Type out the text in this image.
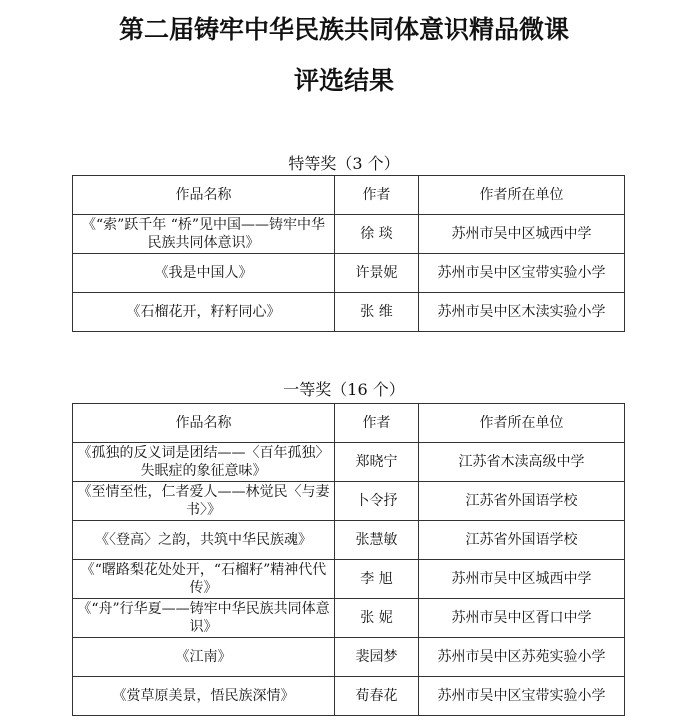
第二届铸牢中华民族共同体意识精品微课
评选结果
特等奖（3 个）
作品名称	作者	作者所在单位
《“索”跃千年 “桥”见中国——铸牢中华民族共同体意识》	徐 琰	苏州市吴中区城西中学
《我是中国人》	许景妮	苏州市吴中区宝带实验小学
《石榴花开，籽籽同心》	张 维	苏州市吴中区木渎实验小学
一等奖（16 个）
作品名称	作者	作者所在单位
《孤独的反义词是团结——〈百年孤独〉失眠症的象征意味》	郑晓宁	江苏省木渎高级中学
《至情至性，仁者爱人——林觉民〈与妻书〉》	卜令抒	江苏省外国语学校
《〈登高〉之韵，共筑中华民族魂》	张慧敏	江苏省外国语学校
《“曙路梨花处处开，“石榴籽”精神代代传》	李 旭	苏州市吴中区城西中学
《“舟”行华夏——铸牢中华民族共同体意识》	张 妮	苏州市吴中区胥口中学
《江南》	裴园梦	苏州市吴中区苏苑实验小学
《赏草原美景，悟民族深情》	荀春花	苏州市吴中区宝带实验小学
